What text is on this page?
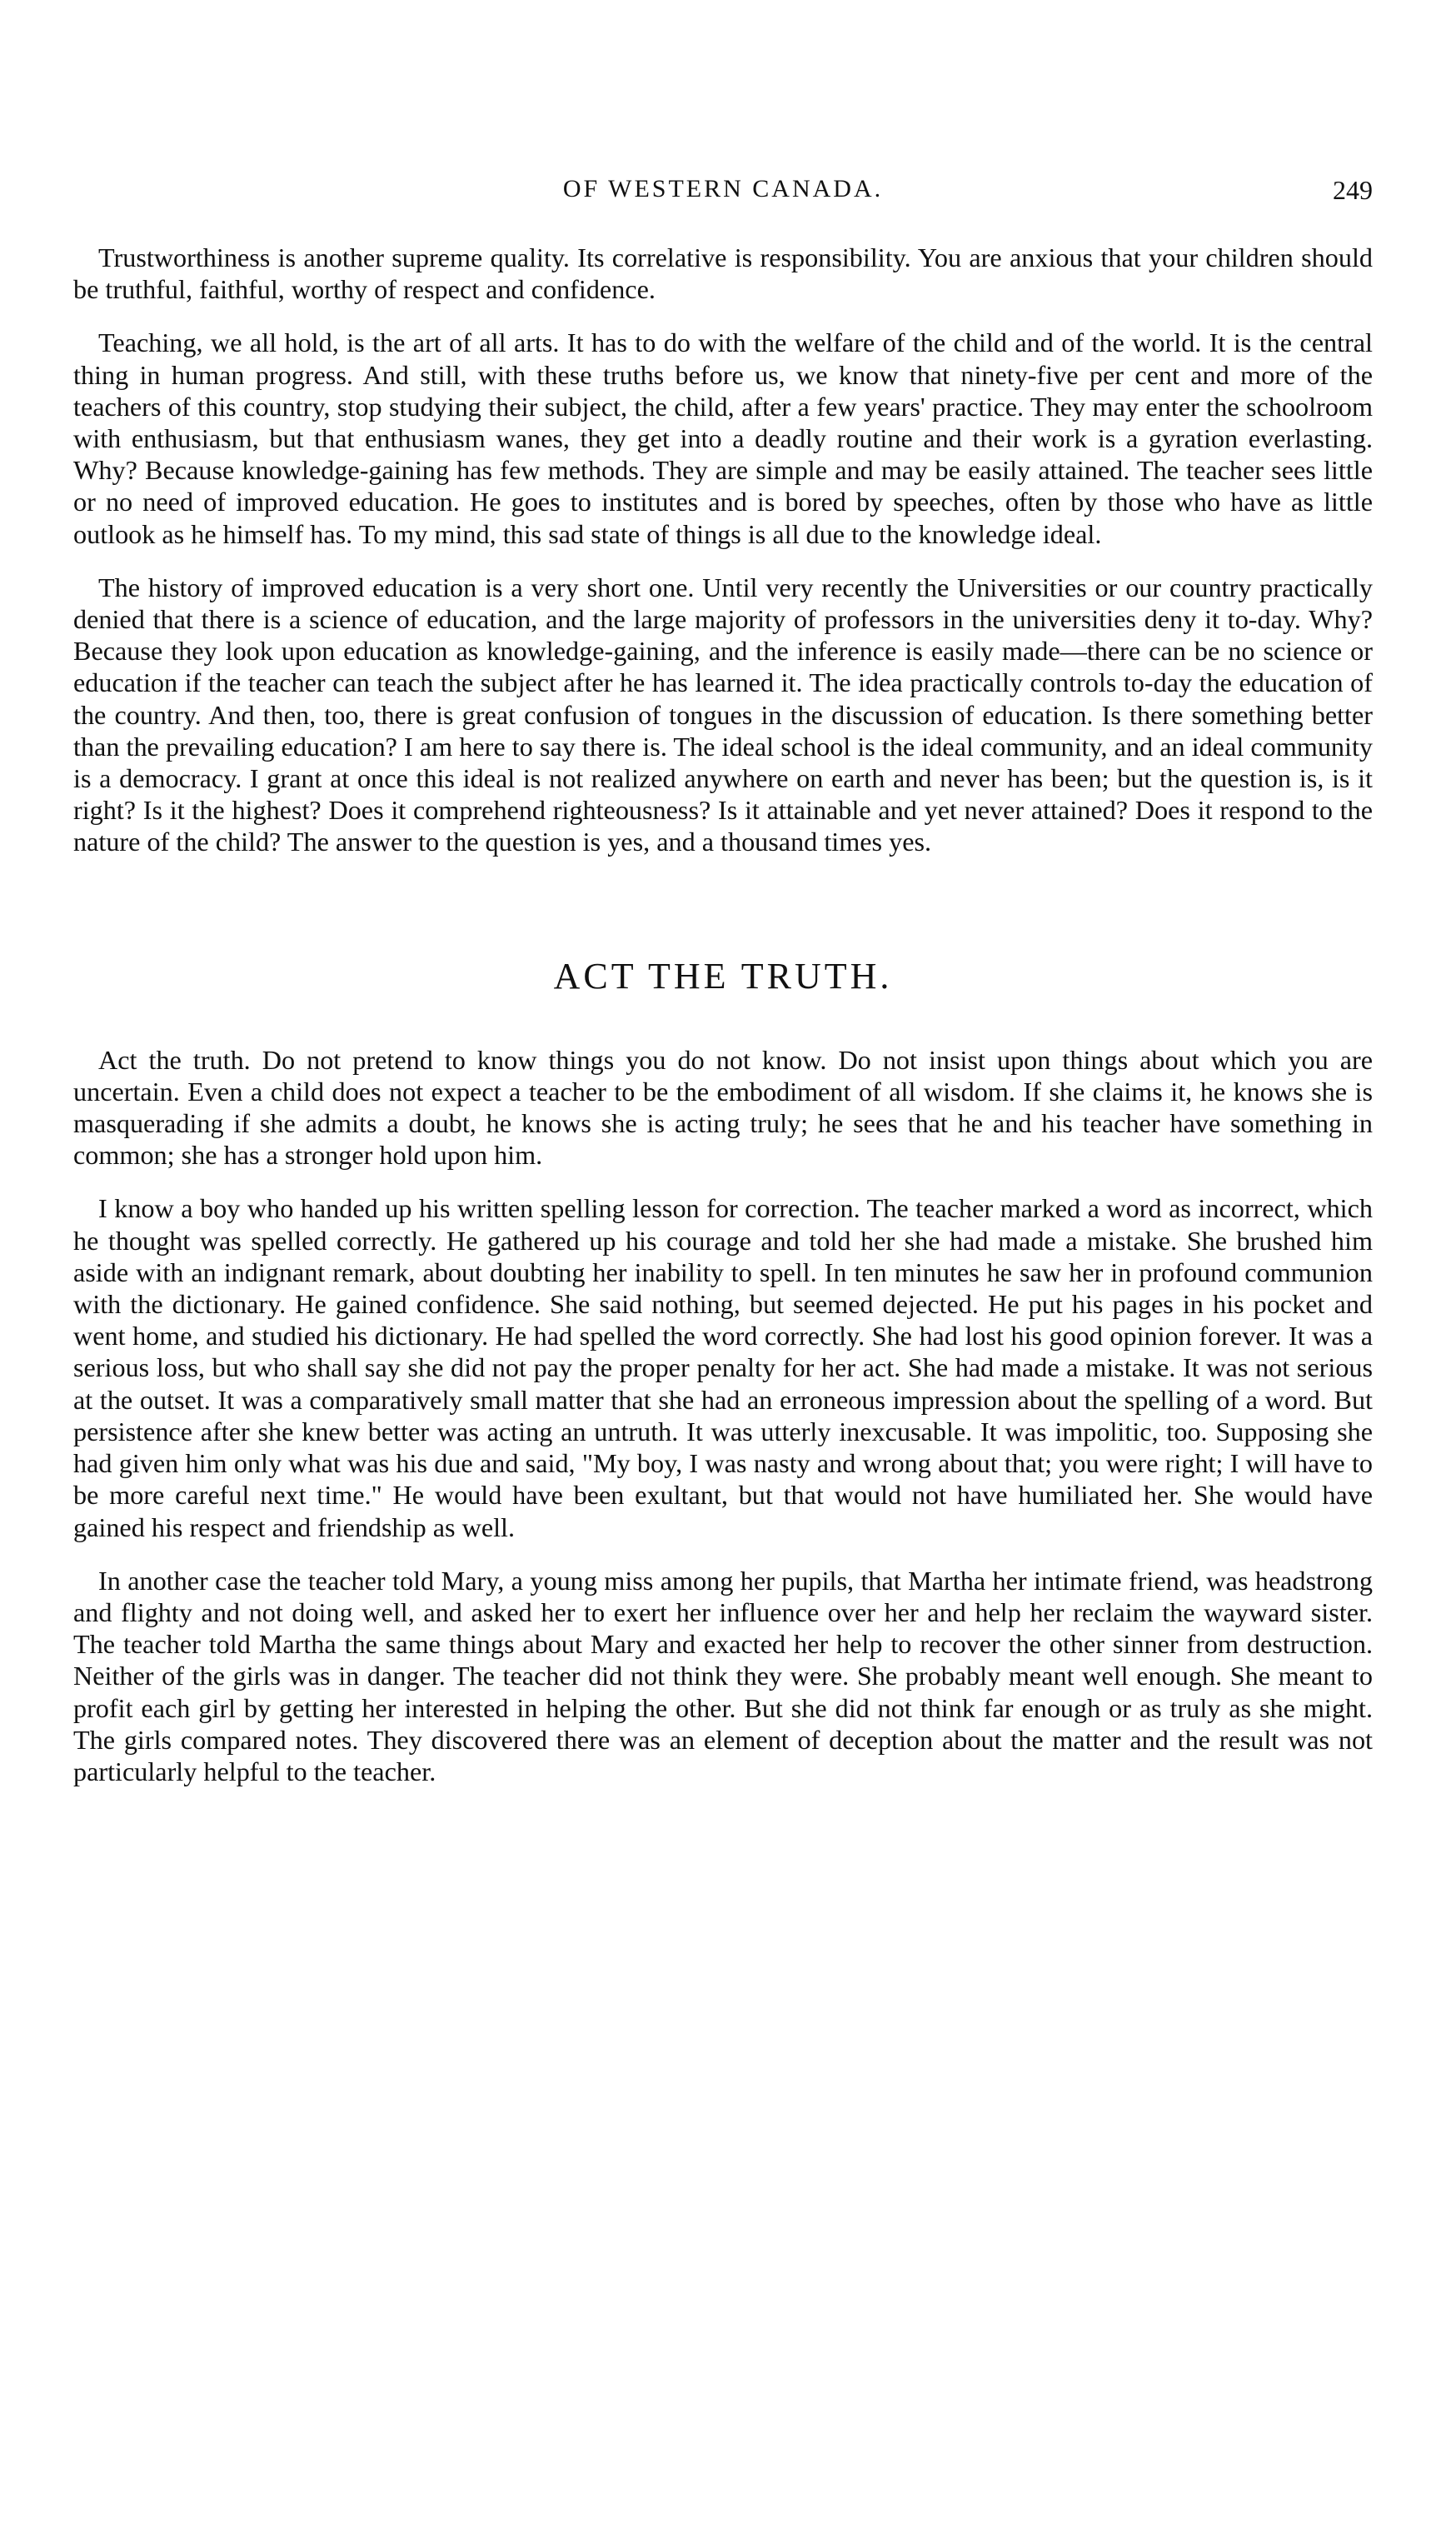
OF WESTERN CANADA.	249

Trustworthiness is another supreme quality. Its correlative is responsibility. You are anxious that your children should be truthful, faithful, worthy of respect and confidence.

Teaching, we all hold, is the art of all arts. It has to do with the welfare of the child and of the world. It is the central thing in human progress. And still, with these truths before us, we know that ninety-five per cent and more of the teachers of this country, stop studying their subject, the child, after a few years' practice. They may enter the schoolroom with enthusiasm, but that enthusiasm wanes, they get into a deadly routine and their work is a gyration everlasting. Why? Because knowledge-gaining has few methods. They are simple and may be easily attained. The teacher sees little or no need of improved education. He goes to institutes and is bored by speeches, often by those who have as little outlook as he himself has. To my mind, this sad state of things is all due to the knowledge ideal.

The history of improved education is a very short one. Until very recently the Universities or our country practically denied that there is a science of education, and the large majority of professors in the universities deny it to-day. Why? Because they look upon education as knowledge-gaining, and the inference is easily made—there can be no science or education if the teacher can teach the subject after he has learned it. The idea practically controls to-day the education of the country. And then, too, there is great confusion of tongues in the discussion of education. Is there something better than the prevailing education? I am here to say there is. The ideal school is the ideal community, and an ideal community is a democracy. I grant at once this ideal is not realized anywhere on earth and never has been; but the question is, is it right? Is it the highest? Does it comprehend righteousness? Is it attainable and yet never attained? Does it respond to the nature of the child? The answer to the question is yes, and a thousand times yes.

ACT THE TRUTH.

Act the truth. Do not pretend to know things you do not know. Do not insist upon things about which you are uncertain. Even a child does not expect a teacher to be the embodiment of all wisdom. If she claims it, he knows she is masquerading if she admits a doubt, he knows she is acting truly; he sees that he and his teacher have something in common; she has a stronger hold upon him.

I know a boy who handed up his written spelling lesson for correction. The teacher marked a word as incorrect, which he thought was spelled correctly. He gathered up his courage and told her she had made a mistake. She brushed him aside with an indignant remark, about doubting her inability to spell. In ten minutes he saw her in profound communion with the dictionary. He gained confidence. She said nothing, but seemed dejected. He put his pages in his pocket and went home, and studied his dictionary. He had spelled the word correctly. She had lost his good opinion forever. It was a serious loss, but who shall say she did not pay the proper penalty for her act. She had made a mistake. It was not serious at the outset. It was a comparatively small matter that she had an erroneous impression about the spelling of a word. But persistence after she knew better was acting an untruth. It was utterly inexcusable. It was impolitic, too. Supposing she had given him only what was his due and said, "My boy, I was nasty and wrong about that; you were right; I will have to be more careful next time." He would have been exultant, but that would not have humiliated her. She would have gained his respect and friendship as well.

In another case the teacher told Mary, a young miss among her pupils, that Martha her intimate friend, was headstrong and flighty and not doing well, and asked her to exert her influence over her and help her reclaim the wayward sister. The teacher told Martha the same things about Mary and exacted her help to recover the other sinner from destruction. Neither of the girls was in danger. The teacher did not think they were. She probably meant well enough. She meant to profit each girl by getting her interested in helping the other. But she did not think far enough or as truly as she might. The girls compared notes. They discovered there was an element of deception about the matter and the result was not particularly helpful to the teacher.
